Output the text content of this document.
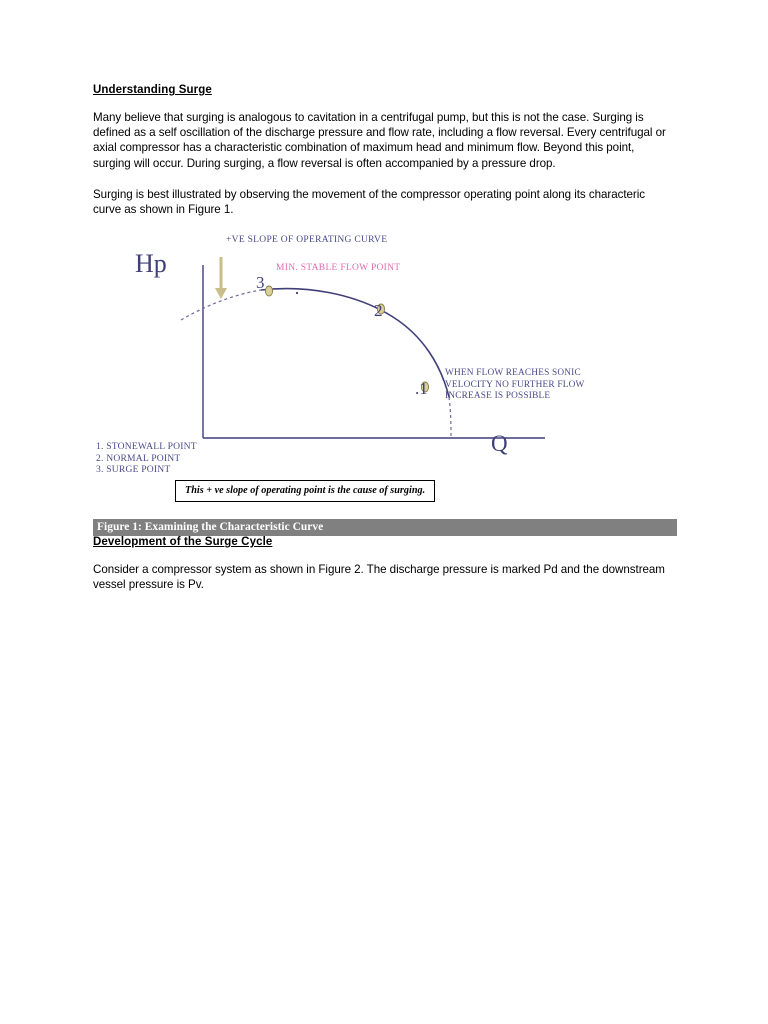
Understanding Surge

Many believe that surging is analogous to cavitation in a centrifugal pump, but this is not the case. Surging is defined as a self oscillation of the discharge pressure and flow rate, including a flow reversal. Every centrifugal or axial compressor has a characteristic combination of maximum head and minimum flow. Beyond this point, surging will occur. During surging, a flow reversal is often accompanied by a pressure drop.

Surging is best illustrated by observing the movement of the compressor operating point along its characteric curve as shown in Figure 1.

Hp
Q
+VE SLOPE OF OPERATING CURVE
MIN. STABLE FLOW POINT
WHEN FLOW REACHES SONIC
VELOCITY NO FURTHER FLOW
INCREASE IS POSSIBLE
3
2
.1
1. STONEWALL POINT
2. NORMAL POINT
3. SURGE POINT
This + ve slope of operating point is the cause of surging.
Figure 1: Examining the Characteristic Curve
Development of the Surge Cycle

Consider a compressor system as shown in Figure 2. The discharge pressure is marked Pd and the downstream vessel pressure is Pv.
